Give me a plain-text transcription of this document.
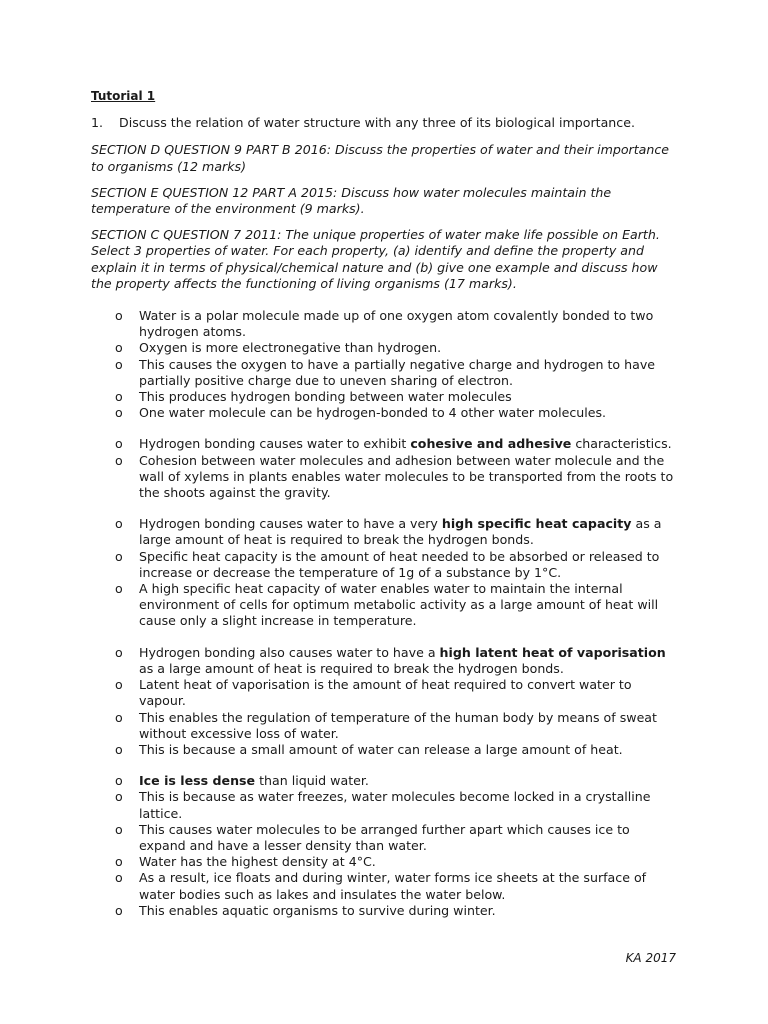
Tutorial 1
1.	Discuss the relation of water structure with any three of its biological importance.
SECTION D QUESTION 9 PART B 2016: Discuss the properties of water and their importance to organisms (12 marks)
SECTION E QUESTION 12 PART A 2015: Discuss how water molecules maintain the temperature of the environment (9 marks).
SECTION C QUESTION 7 2011: The unique properties of water make life possible on Earth. Select 3 properties of water. For each property, (a) identify and define the property and explain it in terms of physical/chemical nature and (b) give one example and discuss how the property affects the functioning of living organisms (17 marks).
o Water is a polar molecule made up of one oxygen atom covalently bonded to two hydrogen atoms.
o Oxygen is more electronegative than hydrogen.
o This causes the oxygen to have a partially negative charge and hydrogen to have partially positive charge due to uneven sharing of electron.
o This produces hydrogen bonding between water molecules
o One water molecule can be hydrogen-bonded to 4 other water molecules.
o Hydrogen bonding causes water to exhibit cohesive and adhesive characteristics.
o Cohesion between water molecules and adhesion between water molecule and the wall of xylems in plants enables water molecules to be transported from the roots to the shoots against the gravity.
o Hydrogen bonding causes water to have a very high specific heat capacity as a large amount of heat is required to break the hydrogen bonds.
o Specific heat capacity is the amount of heat needed to be absorbed or released to increase or decrease the temperature of 1g of a substance by 1°C.
o A high specific heat capacity of water enables water to maintain the internal environment of cells for optimum metabolic activity as a large amount of heat will cause only a slight increase in temperature.
o Hydrogen bonding also causes water to have a high latent heat of vaporisation as a large amount of heat is required to break the hydrogen bonds.
o Latent heat of vaporisation is the amount of heat required to convert water to vapour.
o This enables the regulation of temperature of the human body by means of sweat without excessive loss of water.
o This is because a small amount of water can release a large amount of heat.
o Ice is less dense than liquid water.
o This is because as water freezes, water molecules become locked in a crystalline lattice.
o This causes water molecules to be arranged further apart which causes ice to expand and have a lesser density than water.
o Water has the highest density at 4°C.
o As a result, ice floats and during winter, water forms ice sheets at the surface of water bodies such as lakes and insulates the water below.
o This enables aquatic organisms to survive during winter.
KA 2017
